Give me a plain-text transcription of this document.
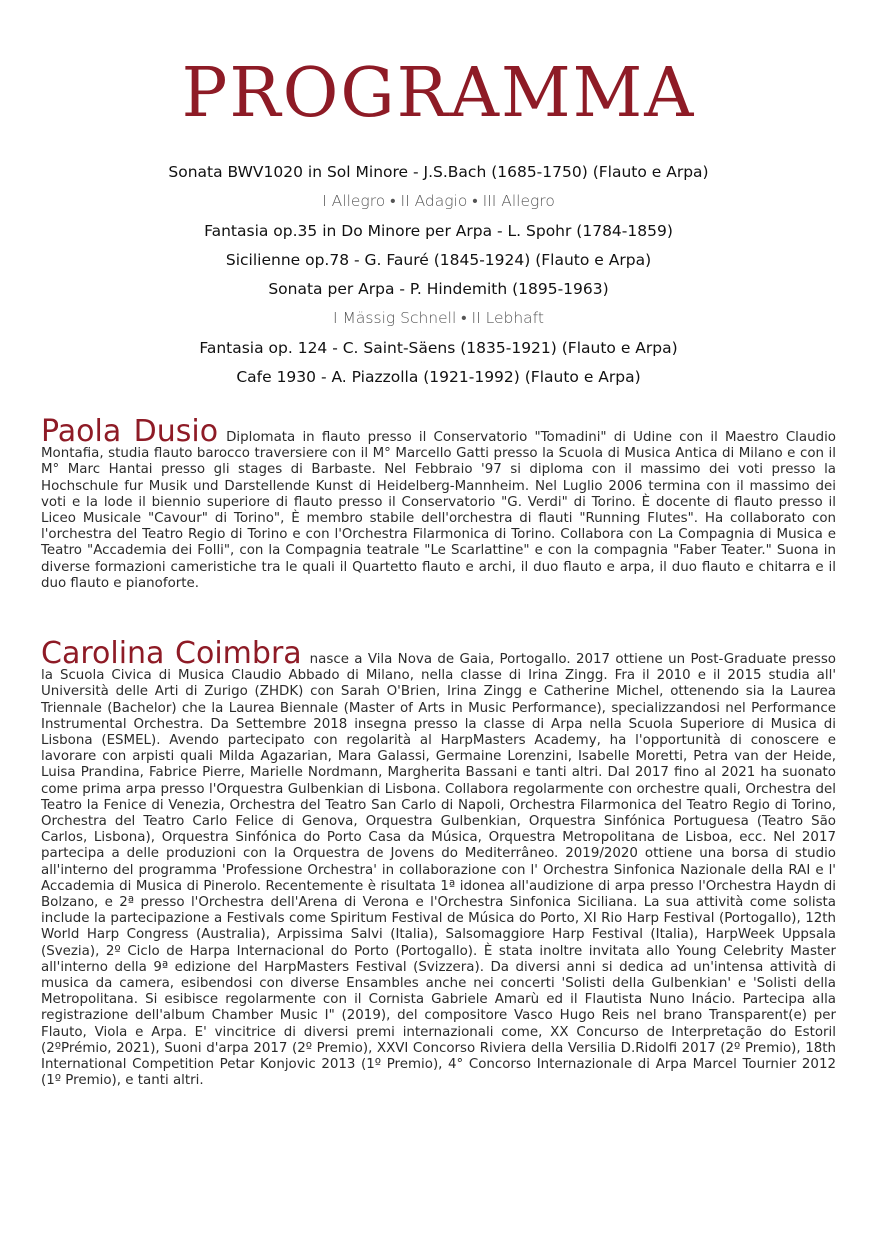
PROGRAMMA
Sonata BWV1020 in Sol Minore - J.S.Bach (1685-1750) (Flauto e Arpa)
I Allegro • II Adagio • III Allegro
Fantasia op.35 in Do Minore per Arpa - L. Spohr (1784-1859)
Sicilienne op.78 - G. Fauré (1845-1924) (Flauto e Arpa)
Sonata per Arpa - P. Hindemith (1895-1963)
I Mässig Schnell • II Lebhaft
Fantasia op. 124 - C. Saint-Säens (1835-1921) (Flauto e Arpa)
Cafe 1930 - A. Piazzolla (1921-1992) (Flauto e Arpa)
Paola Dusio Diplomata in flauto presso il Conservatorio "Tomadini" di Udine con il Maestro Claudio Montafia, studia flauto barocco traversiere con il M° Marcello Gatti presso la Scuola di Musica Antica di Milano e con il M° Marc Hantai presso gli stages di Barbaste. Nel Febbraio '97 si diploma con il massimo dei voti presso la Hochschule fur Musik und Darstellende Kunst di Heidelberg-Mannheim. Nel Luglio 2006 termina con il massimo dei voti e la lode il biennio superiore di flauto presso il Conservatorio "G. Verdi" di Torino. È docente di flauto presso il Liceo Musicale "Cavour" di Torino", È membro stabile dell'orchestra di flauti "Running Flutes". Ha collaborato con l'orchestra del Teatro Regio di Torino e con l'Orchestra Filarmonica di Torino. Collabora con La Compagnia di Musica e Teatro "Accademia dei Folli", con la Compagnia teatrale "Le Scarlattine" e con la compagnia "Faber Teater." Suona in diverse formazioni cameristiche tra le quali il Quartetto flauto e archi, il duo flauto e arpa, il duo flauto e chitarra e il duo flauto e pianoforte.
Carolina Coimbra nasce a Vila Nova de Gaia, Portogallo. 2017 ottiene un Post-Graduate presso la Scuola Civica di Musica Claudio Abbado di Milano, nella classe di Irina Zingg. Fra il 2010 e il 2015 studia all' Università delle Arti di Zurigo (ZHDK) con Sarah O'Brien, Irina Zingg e Catherine Michel, ottenendo sia la Laurea Triennale (Bachelor) che la Laurea Biennale (Master of Arts in Music Performance), specializzandosi nel Performance Instrumental Orchestra. Da Settembre 2018 insegna presso la classe di Arpa nella Scuola Superiore di Musica di Lisbona (ESMEL). Avendo partecipato con regolarità al HarpMasters Academy, ha l'opportunità di conoscere e lavorare con arpisti quali Milda Agazarian, Mara Galassi, Germaine Lorenzini, Isabelle Moretti, Petra van der Heide, Luisa Prandina, Fabrice Pierre, Marielle Nordmann, Margherita Bassani e tanti altri. Dal 2017 fino al 2021 ha suonato come prima arpa presso l'Orquestra Gulbenkian di Lisbona. Collabora regolarmente con orchestre quali, Orchestra del Teatro la Fenice di Venezia, Orchestra del Teatro San Carlo di Napoli, Orchestra Filarmonica del Teatro Regio di Torino, Orchestra del Teatro Carlo Felice di Genova, Orquestra Gulbenkian, Orquestra Sinfónica Portuguesa (Teatro São Carlos, Lisbona), Orquestra Sinfónica do Porto Casa da Música, Orquestra Metropolitana de Lisboa, ecc. Nel 2017 partecipa a delle produzioni con la Orquestra de Jovens do Mediterrâneo. 2019/2020 ottiene una borsa di studio all'interno del programma 'Professione Orchestra' in collaborazione con l' Orchestra Sinfonica Nazionale della RAI e l' Accademia di Musica di Pinerolo. Recentemente è risultata 1ª idonea all'audizione di arpa presso l'Orchestra Haydn di Bolzano, e 2ª presso l'Orchestra dell'Arena di Verona e l'Orchestra Sinfonica Siciliana. La sua attività come solista include la partecipazione a Festivals come Spiritum Festival de Música do Porto, XI Rio Harp Festival (Portogallo), 12th World Harp Congress (Australia), Arpissima Salvi (Italia), Salsomaggiore Harp Festival (Italia), HarpWeek Uppsala (Svezia), 2º Ciclo de Harpa Internacional do Porto (Portogallo). È stata inoltre invitata allo Young Celebrity Master all'interno della 9ª edizione del HarpMasters Festival (Svizzera). Da diversi anni si dedica ad un'intensa attività di musica da camera, esibendosi con diverse Ensambles anche nei concerti 'Solisti della Gulbenkian' e 'Solisti della Metropolitana. Si esibisce regolarmente con il Cornista Gabriele Amarù ed il Flautista Nuno Inácio. Partecipa alla registrazione dell'album Chamber Music I" (2019), del compositore Vasco Hugo Reis nel brano Transparent(e) per Flauto, Viola e Arpa. E' vincitrice di diversi premi internazionali come, XX Concurso de Interpretação do Estoril (2ºPrémio, 2021), Suoni d'arpa 2017 (2º Premio), XXVI Concorso Riviera della Versilia D.Ridolfi 2017 (2º Premio), 18th International Competition Petar Konjovic 2013 (1º Premio), 4° Concorso Internazionale di Arpa Marcel Tournier 2012 (1º Premio), e tanti altri.
